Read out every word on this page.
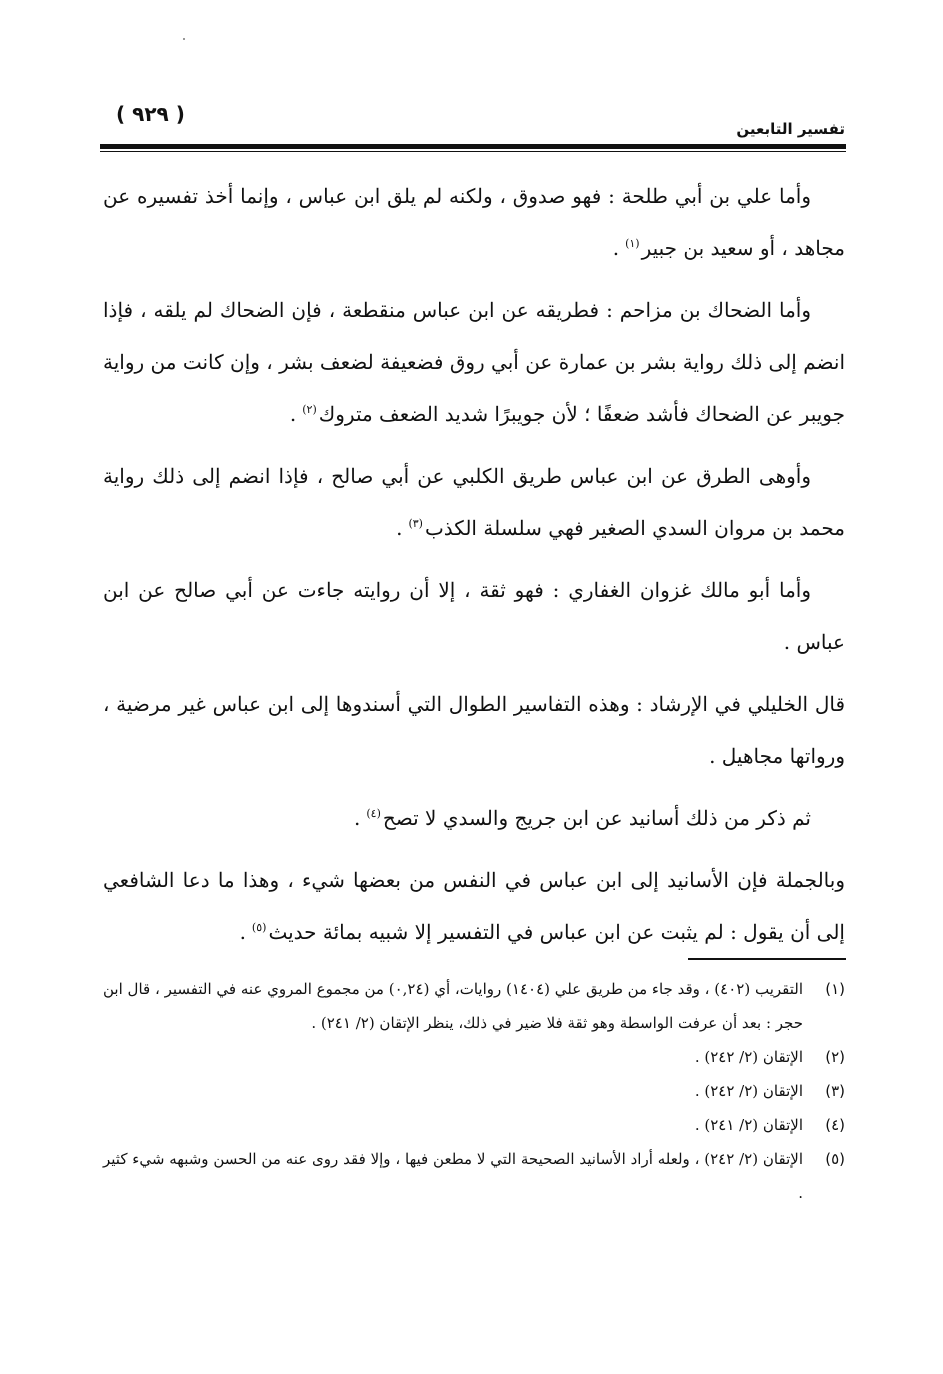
( ٩٢٩ )
تفسير التابعين

وأما علي بن أبي طلحة : فهو صدوق ، ولكنه لم يلق ابن عباس ، وإنما أخذ تفسيره عن مجاهد ، أو سعيد بن جبير$^{(١)}$.

وأما الضحاك بن مزاحم : فطريقه عن ابن عباس منقطعة ، فإن الضحاك لم يلقه ، فإذا انضم إلى ذلك رواية بشر بن عمارة عن أبي روق فضعيفة لضعف بشر ، وإن كانت من رواية جويبر عن الضحاك فأشد ضعفًا ؛ لأن جويبرًا شديد الضعف متروك$^{(٢)}$.

وأوهى الطرق عن ابن عباس طريق الكلبي عن أبي صالح ، فإذا انضم إلى ذلك رواية محمد بن مروان السدي الصغير فهي سلسلة الكذب$^{(٣)}$.

وأما أبو مالك غزوان الغفاري : فهو ثقة ، إلا أن روايته جاءت عن أبي صالح عن ابن عباس .

قال الخليلي في الإرشاد : وهذه التفاسير الطوال التي أسندوها إلى ابن عباس غير مرضية ، ورواتها مجاهيل .

ثم ذكر من ذلك أسانيد عن ابن جريج والسدي لا تصح$^{(٤)}$.

وبالجملة فإن الأسانيد إلى ابن عباس في النفس من بعضها شيء ، وهذا ما دعا الشافعي إلى أن يقول : لم يثبت عن ابن عباس في التفسير إلا شبيه بمائة حديث$^{(٥)}$.

(١)
التقريب (٤٠٢) ، وقد جاء من طريق علي (١٤٠٤) روايات، أي (٠,٢٤) من مجموع المروي عنه في التفسير ، قال ابن حجر : بعد أن عرفت الواسطة وهو ثقة فلا ضير في ذلك، ينظر الإتقان (٢/ ٢٤١) .
(٢)
الإتقان (٢/ ٢٤٢) .
(٣)
الإتقان (٢/ ٢٤٢) .
(٤)
الإتقان (٢/ ٢٤١) .
(٥)
الإتقان (٢/ ٢٤٢) ، ولعله أراد الأسانيد الصحيحة التي لا مطعن فيها ، وإلا فقد روى عنه من الحسن وشبهه شيء كثير .
